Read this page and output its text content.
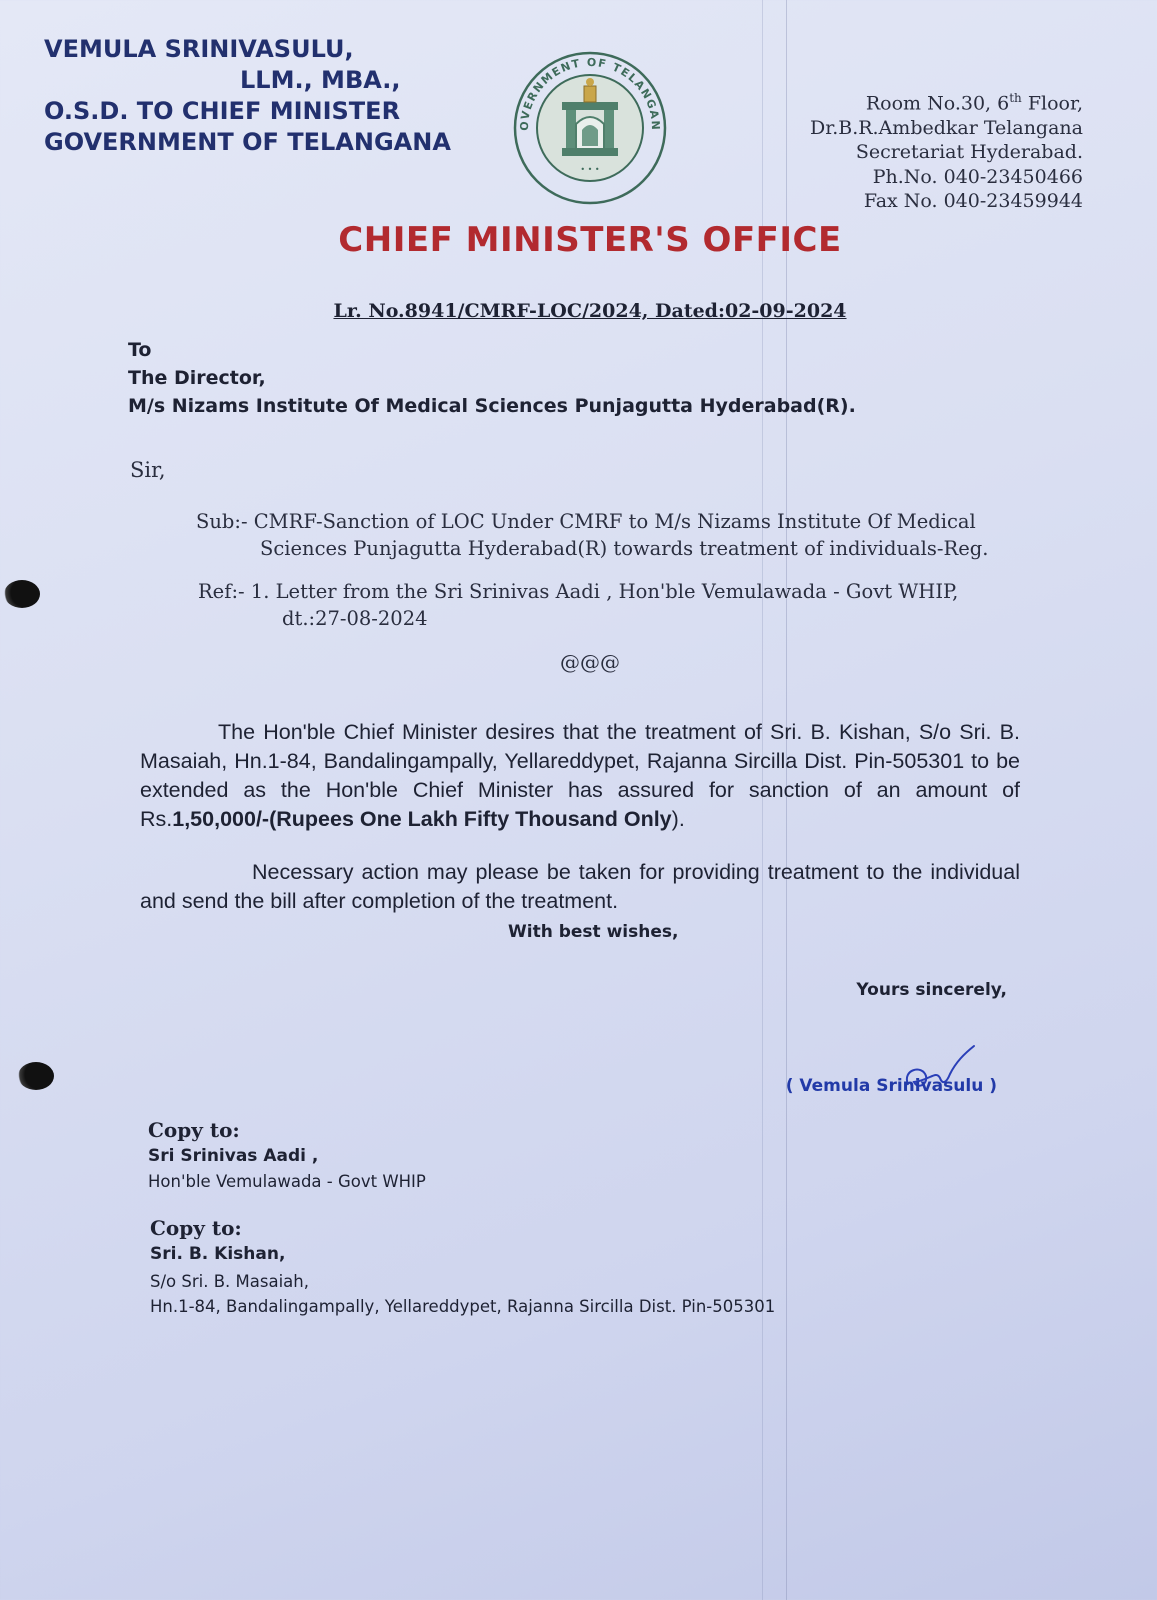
VEMULA SRINIVASULU,
LLM., MBA.,
O.S.D. TO CHIEF MINISTER
GOVERNMENT OF TELANGANA
OVERNMENT OF TELANGAN
• • •
Room No.30, 6th Floor,
Dr.B.R.Ambedkar Telangana
Secretariat Hyderabad.
Ph.No. 040-23450466
Fax No. 040-23459944
CHIEF MINISTER'S OFFICE
Lr. No.8941/CMRF-LOC/2024, Dated:02-09-2024
To
The Director,
M/s Nizams Institute Of Medical Sciences Punjagutta Hyderabad(R).
Sir,
Sub:- CMRF-Sanction of LOC Under CMRF to M/s Nizams Institute Of Medical
Sciences Punjagutta Hyderabad(R) towards treatment of individuals-Reg.
Ref:- 1. Letter from the Sri Srinivas Aadi , Hon'ble Vemulawada - Govt WHIP,
dt.:27-08-2024
@@@
The Hon'ble Chief Minister desires that the treatment of Sri. B. Kishan, S/o Sri. B. Masaiah, Hn.1-84, Bandalingampally, Yellareddypet, Rajanna Sircilla Dist. Pin-505301 to be extended as the Hon'ble Chief Minister has assured for sanction of an amount of Rs.1,50,000/-(Rupees One Lakh Fifty Thousand Only).
Necessary action may please be taken for providing treatment to the individual and send the bill after completion of the treatment.
With best wishes,
Yours sincerely,
( Vemula Srinivasulu )
Copy to:
Sri Srinivas Aadi ,
Hon'ble Vemulawada - Govt WHIP
Copy to:
Sri. B. Kishan,
S/o Sri. B. Masaiah,
Hn.1-84, Bandalingampally, Yellareddypet, Rajanna Sircilla Dist. Pin-505301
